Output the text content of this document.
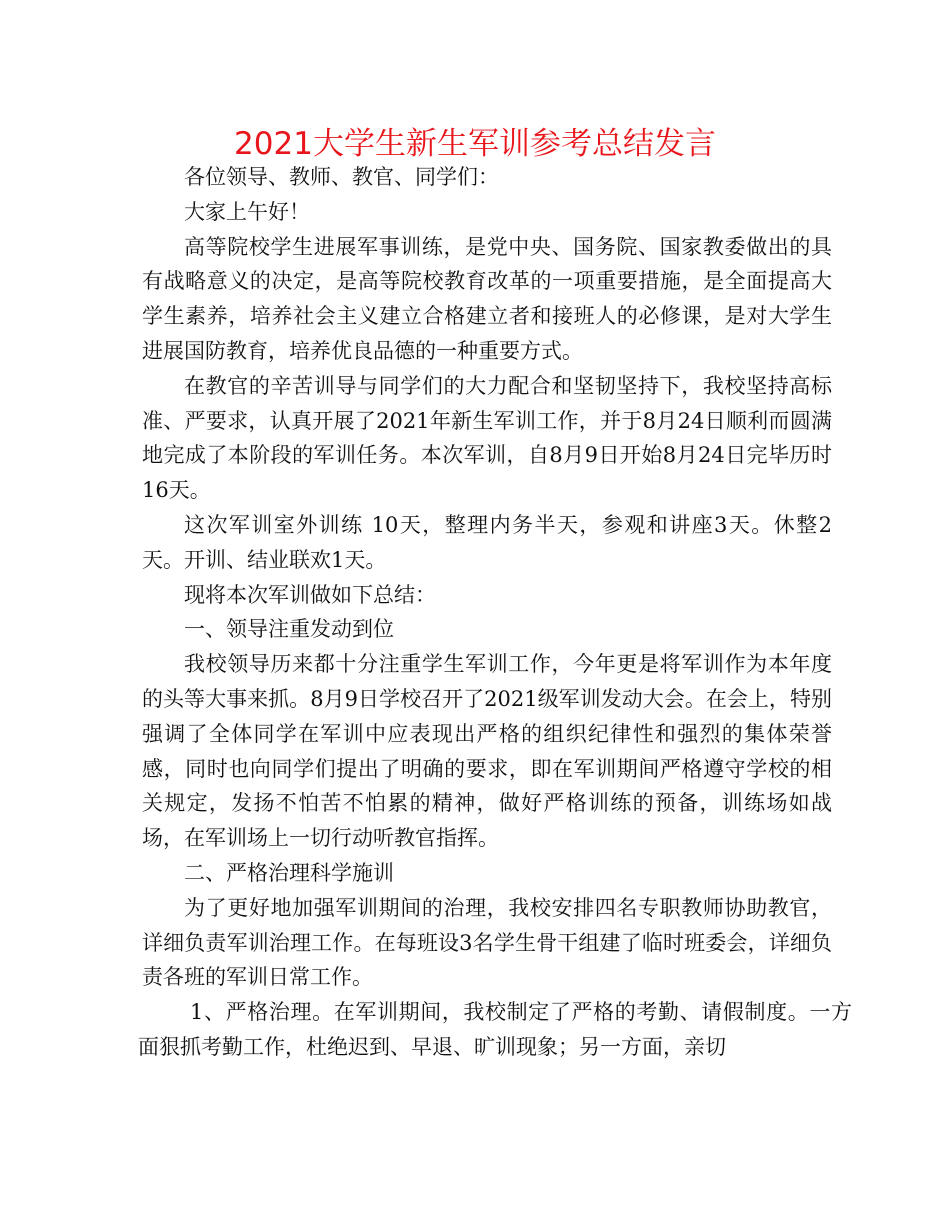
2021大学生新生军训参考总结发言

各位领导、教师、教官、同学们：

大家上午好！

高等院校学生进展军事训练，是党中央、国务院、国家教委做出的具有战略意义的决定，是高等院校教育改革的一项重要措施，是全面提高大学生素养，培养社会主义建立合格建立者和接班人的必修课，是对大学生进展国防教育，培养优良品德的一种重要方式。

在教官的辛苦训导与同学们的大力配合和坚韧坚持下，我校坚持高标准、严要求，认真开展了2021年新生军训工作，并于8月24日顺利而圆满地完成了本阶段的军训任务。本次军训，自8月9日开始8月24日完毕历时16天。

这次军训室外训练 10天，整理内务半天，参观和讲座3天。休整2天。开训、结业联欢1天。

现将本次军训做如下总结：

一、领导注重发动到位

我校领导历来都十分注重学生军训工作，今年更是将军训作为本年度的头等大事来抓。8月9日学校召开了2021级军训发动大会。在会上，特别强调了全体同学在军训中应表现出严格的组织纪律性和强烈的集体荣誉感，同时也向同学们提出了明确的要求，即在军训期间严格遵守学校的相关规定，发扬不怕苦不怕累的精神，做好严格训练的预备，训练场如战场，在军训场上一切行动听教官指挥。

二、严格治理科学施训

为了更好地加强军训期间的治理，我校安排四名专职教师协助教官，详细负责军训治理工作。在每班设3名学生骨干组建了临时班委会，详细负责各班的军训日常工作。

1、严格治理。在军训期间，我校制定了严格的考勤、请假制度。一方面狠抓考勤工作，杜绝迟到、早退、旷训现象；另一方面，亲切
